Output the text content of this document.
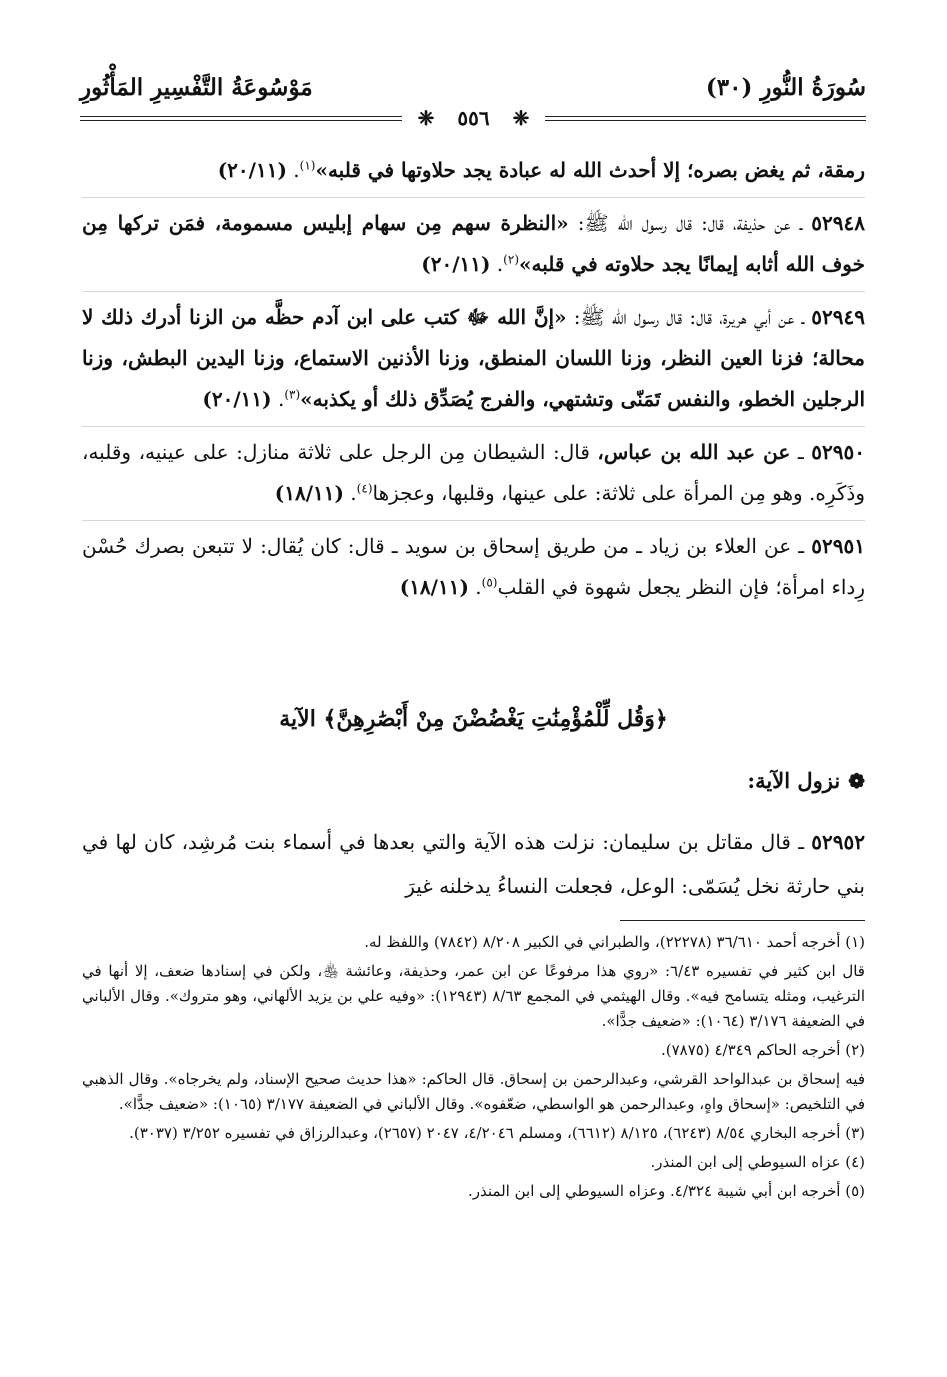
سُورَةُ النُّورِ (٣٠)
مَوْسُوعَةُ التَّفْسِيرِ المَأْثُورِ
❈ ٥٥٦ ❈

رمقة، ثم يغض بصره؛ إلا أحدث الله له عبادة يجد حلاوتها في قلبه»$^{(١)}$. (٢٠/١١)

٥٢٩٤٨ ـ عن حذيفة، قال: قال رسول الله ﷺ: «النظرة سهم مِن سهام إبليس مسمومة، فمَن تركها مِن خوف الله أثابه إيمانًا يجد حلاوته في قلبه»$^{(٢)}$. (٢٠/١١)

٥٢٩٤٩ ـ عن أبي هريرة، قال: قال رسول الله ﷺ: «إنَّ الله ﷻ كتب على ابن آدم حظَّه من الزنا أدرك ذلك لا محالة؛ فزنا العين النظر، وزنا اللسان المنطق، وزنا الأذنين الاستماع، وزنا اليدين البطش، وزنا الرجلين الخطو، والنفس تَمَنّى وتشتهي، والفرج يُصَدِّق ذلك أو يكذبه»$^{(٣)}$. (٢٠/١١)

٥٢٩٥٠ ـ عن عبد الله بن عباس، قال: الشيطان مِن الرجل على ثلاثة منازل: على عينيه، وقلبه، وذَكَرِه. وهو مِن المرأة على ثلاثة: على عينها، وقلبها، وعجزها$^{(٤)}$. (١٨/١١)

٥٢٩٥١ ـ عن العلاء بن زياد ـ من طريق إسحاق بن سويد ـ قال: كان يُقال: لا تتبعن بصرك حُسْن رِداء امرأة؛ فإن النظر يجعل شهوة في القلب$^{(٥)}$. (١٨/١١)

﴿وَقُل لِّلْمُؤْمِنَٰتِ يَغْضُضْنَ مِنْ أَبْصَٰرِهِنَّ﴾ الآية
❁نزول الآية:
٥٢٩٥٢ ـ قال مقاتل بن سليمان: نزلت هذه الآية والتي بعدها في أسماء بنت مُرشِد، كان لها في بني حارثة نخل يُسَمّى: الوعل، فجعلت النساءُ يدخلنه غيرَ

(١) أخرجه أحمد ٣٦/٦١٠ (٢٢٢٧٨)، والطبراني في الكبير ٨/٢٠٨ (٧٨٤٢) واللفظ له.

قال ابن كثير في تفسيره ٦/٤٣: «روي هذا مرفوعًا عن ابن عمر، وحذيفة، وعائشة ﵃، ولكن في إسنادها ضعف، إلا أنها في الترغيب، ومثله يتسامح فيه». وقال الهيثمي في المجمع ٨/٦٣ (١٢٩٤٣): «وفيه علي بن يزيد الألهاني، وهو متروك». وقال الألباني في الضعيفة ٣/١٧٦ (١٠٦٤): «ضعيف جدًّا».

(٢) أخرجه الحاكم ٤/٣٤٩ (٧٨٧٥).

فيه إسحاق بن عبدالواحد القرشي، وعبدالرحمن بن إسحاق. قال الحاكم: «هذا حديث صحيح الإسناد، ولم يخرجاه». وقال الذهبي في التلخيص: «إسحاق واهٍ، وعبدالرحمن هو الواسطي، ضعّفوه». وقال الألباني في الضعيفة ٣/١٧٧ (١٠٦٥): «ضعيف جدًّا».

(٣) أخرجه البخاري ٨/٥٤ (٦٢٤٣)، ٨/١٢٥ (٦٦١٢)، ومسلم ٤/٢٠٤٦، ٢٠٤٧ (٢٦٥٧)، وعبدالرزاق في تفسيره ٣/٢٥٢ (٣٠٣٧).

(٤) عزاه السيوطي إلى ابن المنذر.

(٥) أخرجه ابن أبي شيبة ٤/٣٢٤. وعزاه السيوطي إلى ابن المنذر.
